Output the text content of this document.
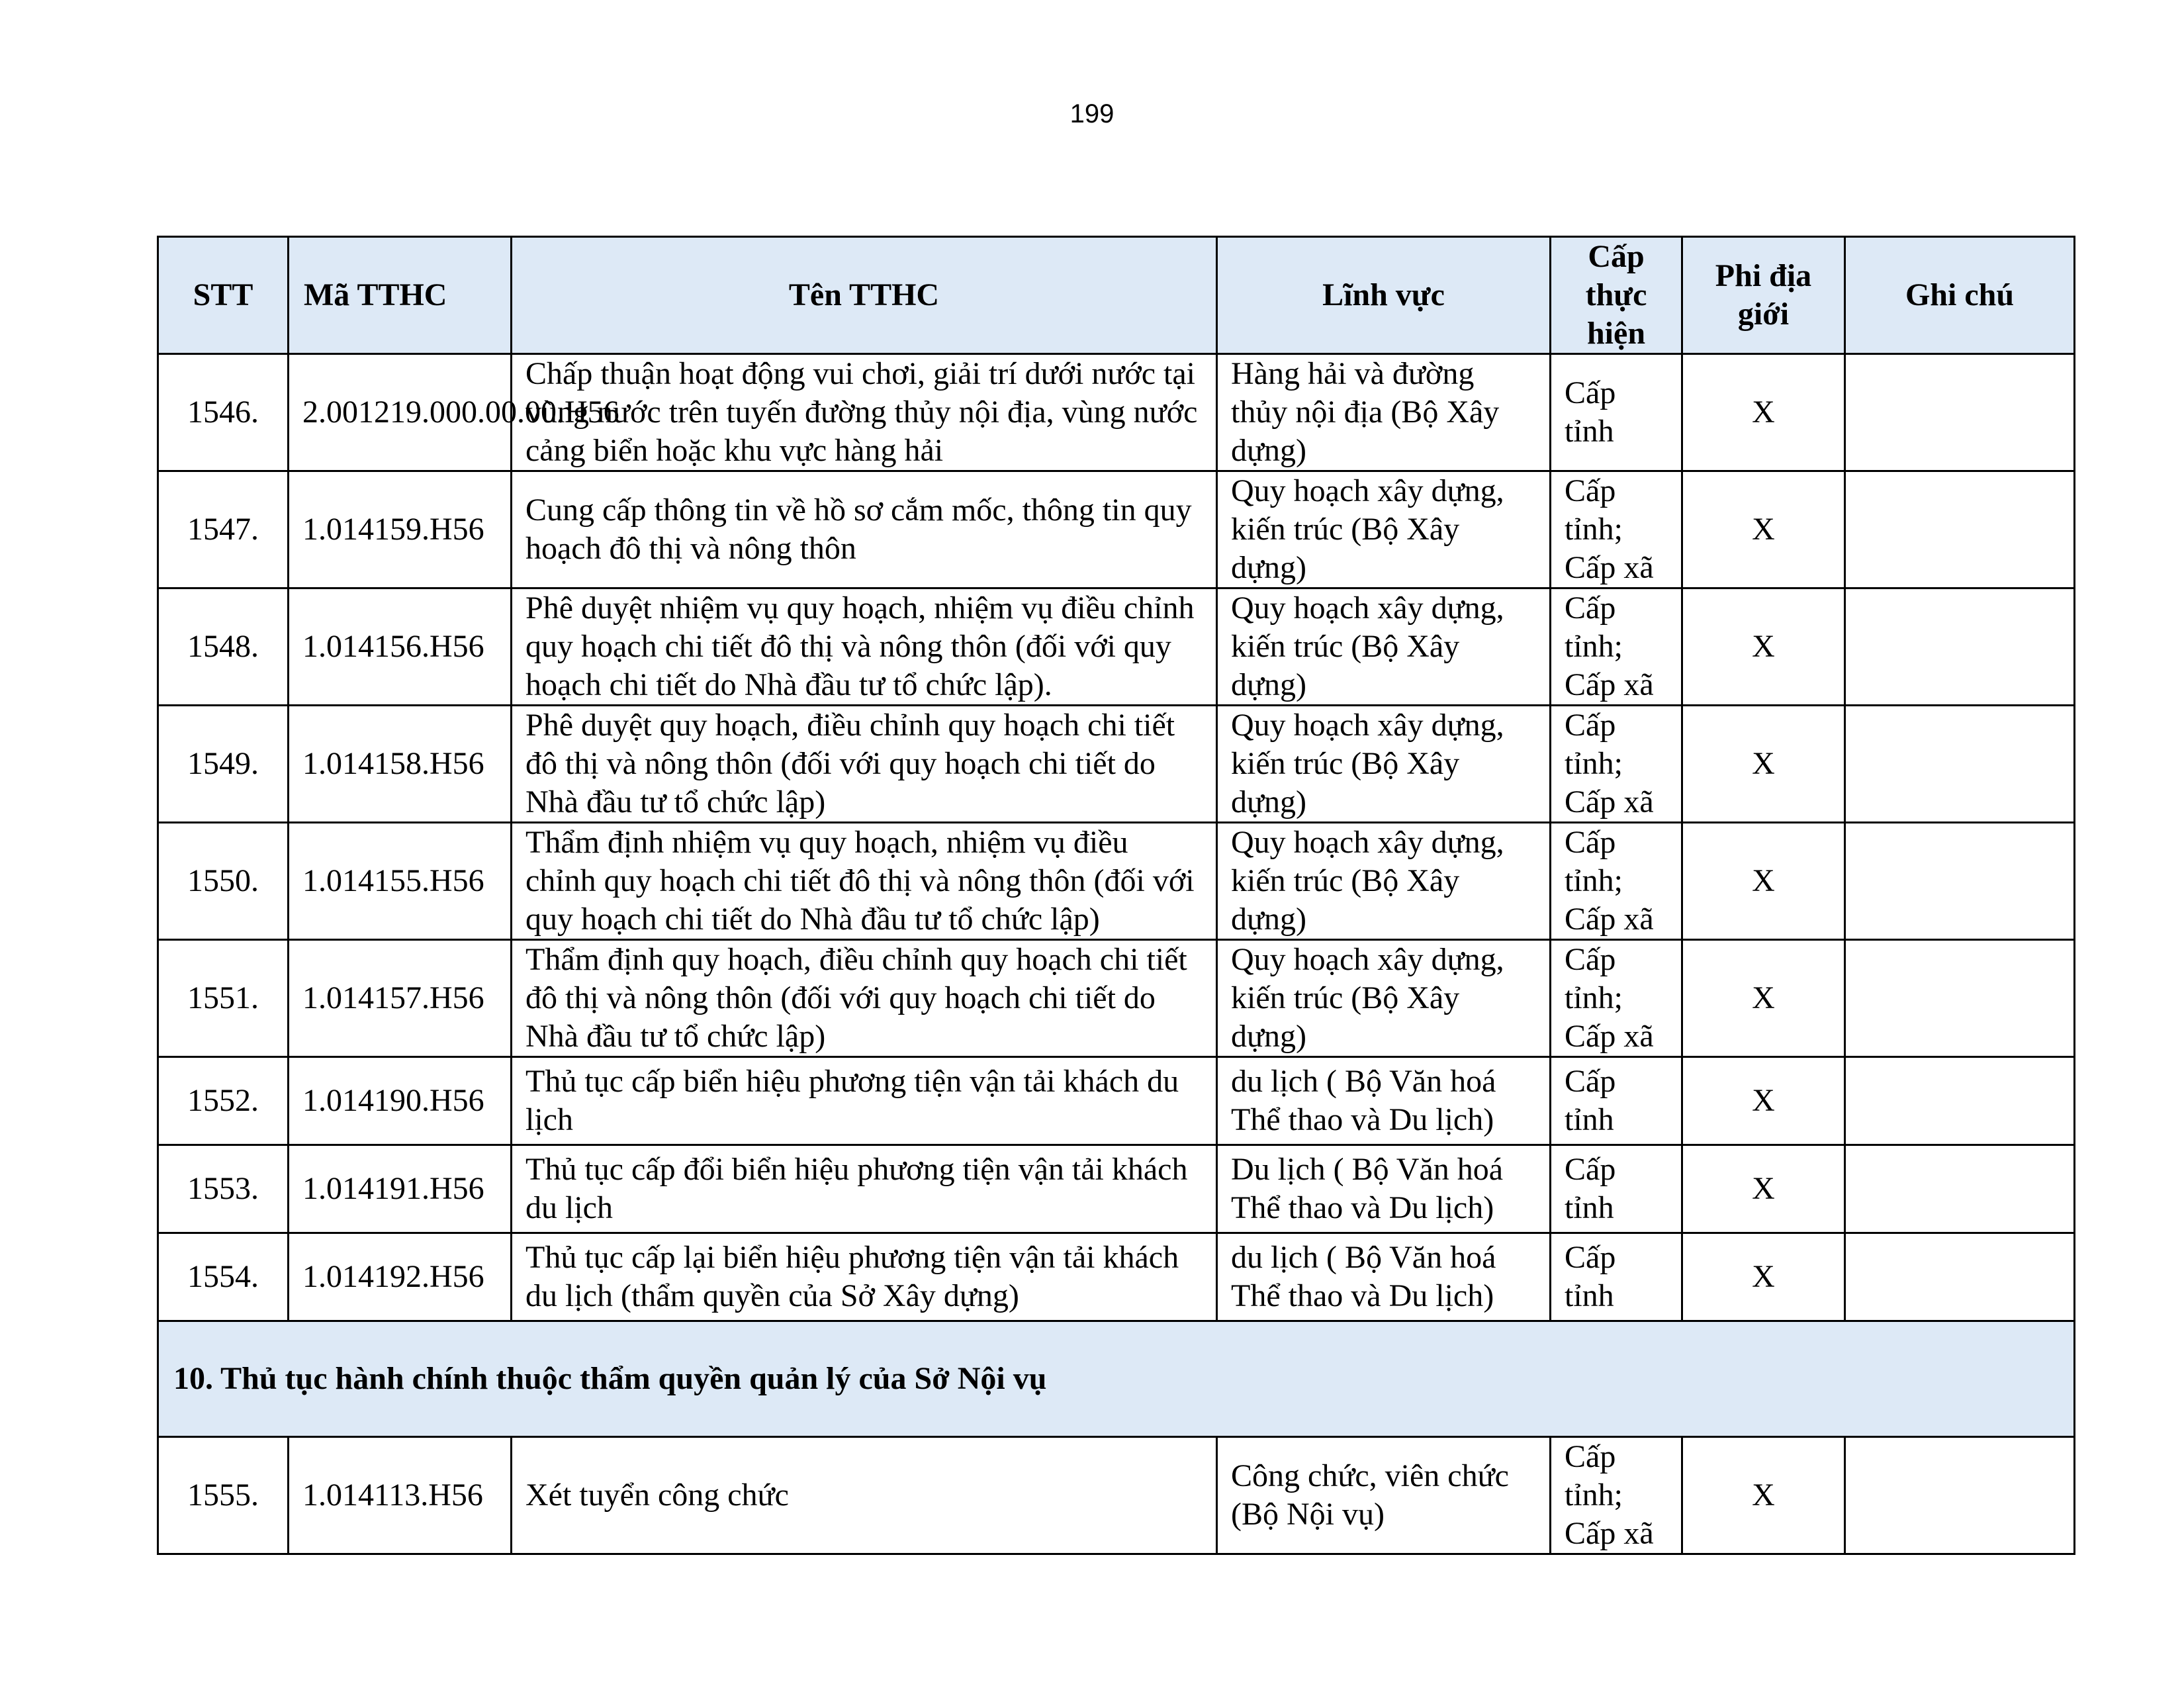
199
STT	Mã TTHC	Tên TTHC	Lĩnh vực	Cấp thực hiện	Phi địa giới	Ghi chú
1546.	2.001219.000.00.00.H56	Chấp thuận hoạt động vui chơi, giải trí dưới nước tại vùng nước trên tuyến đường thủy nội địa, vùng nước cảng biển hoặc khu vực hàng hải	Hàng hải và đường thủy nội địa (Bộ Xây dựng)	Cấp tỉnh	X	
1547.	1.014159.H56	Cung cấp thông tin về hồ sơ cắm mốc, thông tin quy hoạch đô thị và nông thôn	Quy hoạch xây dựng, kiến trúc (Bộ Xây dựng)	Cấp tỉnh; Cấp xã	X	
1548.	1.014156.H56	Phê duyệt nhiệm vụ quy hoạch, nhiệm vụ điều chỉnh quy hoạch chi tiết đô thị và nông thôn (đối với quy hoạch chi tiết do Nhà đầu tư tổ chức lập).	Quy hoạch xây dựng, kiến trúc (Bộ Xây dựng)	Cấp tỉnh; Cấp xã	X	
1549.	1.014158.H56	Phê duyệt quy hoạch, điều chỉnh quy hoạch chi tiết đô thị và nông thôn (đối với quy hoạch chi tiết do Nhà đầu tư tổ chức lập)	Quy hoạch xây dựng, kiến trúc (Bộ Xây dựng)	Cấp tỉnh; Cấp xã	X	
1550.	1.014155.H56	Thẩm định nhiệm vụ quy hoạch, nhiệm vụ điều chỉnh quy hoạch chi tiết đô thị và nông thôn (đối với quy hoạch chi tiết do Nhà đầu tư tổ chức lập)	Quy hoạch xây dựng, kiến trúc (Bộ Xây dựng)	Cấp tỉnh; Cấp xã	X	
1551.	1.014157.H56	Thẩm định quy hoạch, điều chỉnh quy hoạch chi tiết đô thị và nông thôn (đối với quy hoạch chi tiết do Nhà đầu tư tổ chức lập)	Quy hoạch xây dựng, kiến trúc (Bộ Xây dựng)	Cấp tỉnh; Cấp xã	X	
1552.	1.014190.H56	Thủ tục cấp biển hiệu phương tiện vận tải khách du lịch	du lịch ( Bộ Văn hoá Thể thao và Du lịch)	Cấp tỉnh	X	
1553.	1.014191.H56	Thủ tục cấp đổi biển hiệu phương tiện vận tải khách du lịch	Du lịch ( Bộ Văn hoá Thể thao và Du lịch)	Cấp tỉnh	X	
1554.	1.014192.H56	Thủ tục cấp lại biển hiệu phương tiện vận tải khách du lịch (thẩm quyền của Sở Xây dựng)	du lịch ( Bộ Văn hoá Thể thao và Du lịch)	Cấp tỉnh	X	
10. Thủ tục hành chính thuộc thẩm quyền quản lý của Sở Nội vụ						
1555.	1.014113.H56	Xét tuyển công chức	Công chức, viên chức (Bộ Nội vụ)	Cấp tỉnh; Cấp xã	X	
